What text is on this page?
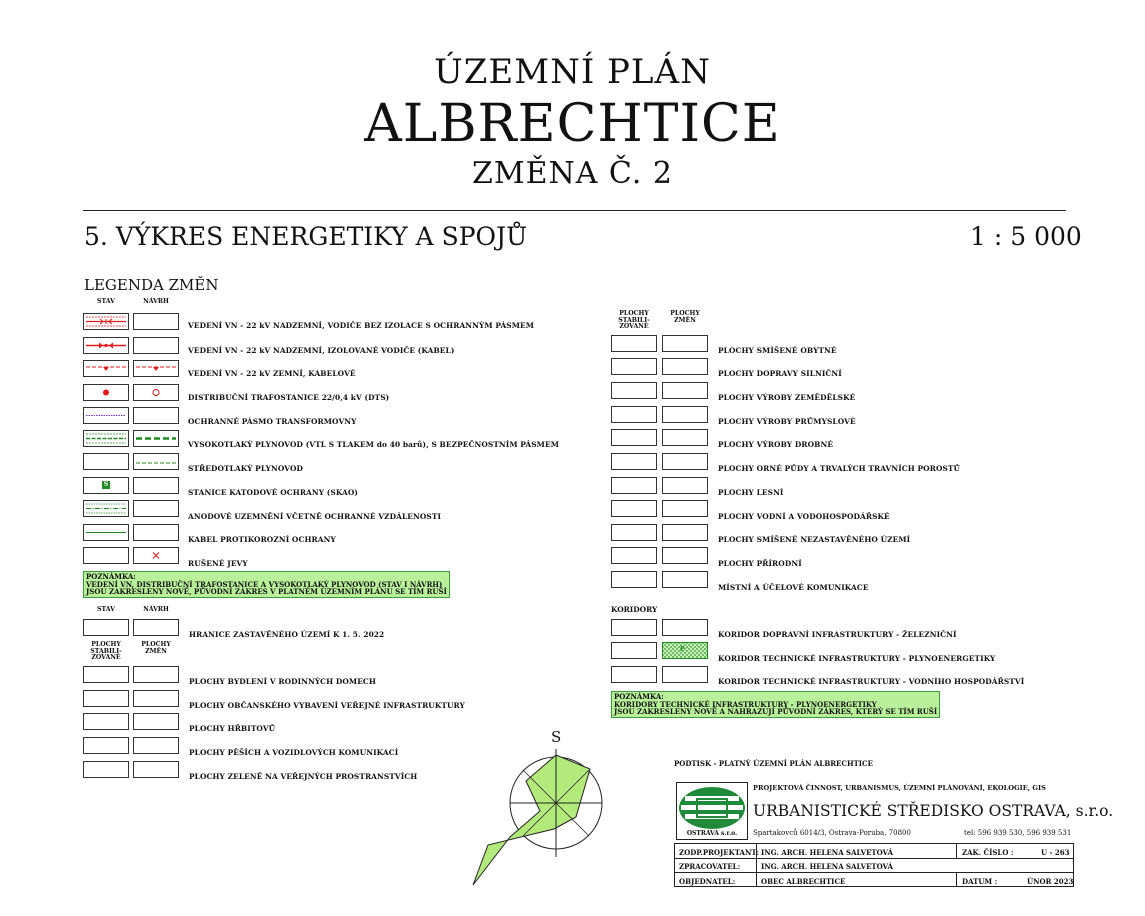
ÚZEMNÍ PLÁN
ALBRECHTICE
ZMĚNA Č. 2
5. VÝKRES ENERGETIKY A SPOJŮ	1 : 5 000
LEGENDA ZMĚN
STAV	NÁVRH
VEDENÍ VN - 22 kV NADZEMNÍ, VODIČE BEZ IZOLACE S OCHRANNÝM PÁSMEM
VEDENÍ VN - 22 kV NADZEMNÍ, IZOLOVANÉ VODIČE (KABEL)
VEDENÍ VN - 22 kV ZEMNÍ, KABELOVÉ
DISTRIBUČNÍ TRAFOSTANICE 22/0,4 kV (DTS)
OCHRANNÉ PÁSMO TRANSFORMOVNY
VYSOKOTLAKÝ PLYNOVOD (VTL S TLAKEM do 40 barů), S BEZPEČNOSTNÍM PÁSMEM
STŘEDOTLAKÝ PLYNOVOD
S
STANICE KATODOVÉ OCHRANY (SKAO)
ANODOVÉ UZEMNĚNÍ VČETNĚ OCHRANNÉ VZDÁLENOSTI
KABEL PROTIKOROZNÍ OCHRANY
RUŠENÉ JEVY
POZNÁMKA:
VEDENÍ VN, DISTRIBUČNÍ TRAFOSTANICE A VYSOKOTLAKÝ PLYNOVOD (STAV I NÁVRH)
JSOU ZAKRESLENY NOVĚ, PŮVODNÍ ZÁKRES V PLATNÉM ÚZEMNÍM PLÁNU SE TÍM RUŠÍ
STAV	NÁVRH
HRANICE ZASTAVĚNÉHO ÚZEMÍ K 1. 5. 2022
PLOCHY
STABILI-
ZOVANÉ
PLOCHY
ZMĚN
PLOCHY BYDLENÍ V RODINNÝCH DOMECH
PLOCHY OBČANSKÉHO VYBAVENÍ VEŘEJNÉ INFRASTRUKTURY
PLOCHY HŘBITOVŮ
PLOCHY PĚŠÍCH A VOZIDLOVÝCH KOMUNIKACÍ
PLOCHY ZELENĚ NA VEŘEJNÝCH PROSTRANSTVÍCH
PLOCHY
STABILI-
ZOVANÉ
PLOCHY
ZMĚN
PLOCHY SMÍŠENÉ OBYTNÉ
PLOCHY DOPRAVY SILNIČNÍ
PLOCHY VÝROBY ZEMĚDĚLSKÉ
PLOCHY VÝROBY PRŮMYSLOVÉ
PLOCHY VÝROBY DROBNÉ
PLOCHY ORNÉ PŮDY A TRVALÝCH TRAVNÍCH POROSTŮ
PLOCHY LESNÍ
PLOCHY VODNÍ A VODOHOSPODÁŘSKÉ
PLOCHY SMÍŠENÉ NEZASTAVĚNÉHO ÚZEMÍ
PLOCHY PŘÍRODNÍ
MÍSTNÍ A ÚČELOVÉ KOMUNIKACE
KORIDORY
KORIDOR DOPRAVNÍ INFRASTRUKTURY - ŽELEZNIČNÍ
P
KORIDOR TECHNICKÉ INFRASTRUKTURY - PLYNOENERGETIKY
KORIDOR TECHNICKÉ INFRASTRUKTURY - VODNÍHO HOSPODÁŘSTVÍ
POZNÁMKA:
KORIDORY TECHNICKÉ INFRASTRUKTURY - PLYNOENERGETIKY
JSOU ZAKRESLENY NOVĚ A NAHRAZUJÍ PŮVODNÍ ZÁKRES, KTERÝ SE TÍM RUŠÍ
S
PODTISK - PLATNÝ ÚZEMNÍ PLÁN ALBRECHTICE
PROJEKTOVÁ ČINNOST, URBANISMUS, ÚZEMNÍ PLÁNOVÁNÍ, EKOLOGIE, GIS
OSTRAVA s.r.o.
URBANISTICKÉ STŘEDISKO OSTRAVA, s.r.o.
Spartakovců 6014/3, Ostrava-Poruba, 70800	tel: 596 939 530, 596 939 531
ZODP.PROJEKTANT: ING. ARCH. HELENA SALVETOVÁ	ZAK. ČÍSLO :	U - 263
ZPRACOVATEL:	ING. ARCH. HELENA SALVETOVÁ
OBJEDNATEL:	OBEC ALBRECHTICE	DATUM :	ÚNOR 2023
